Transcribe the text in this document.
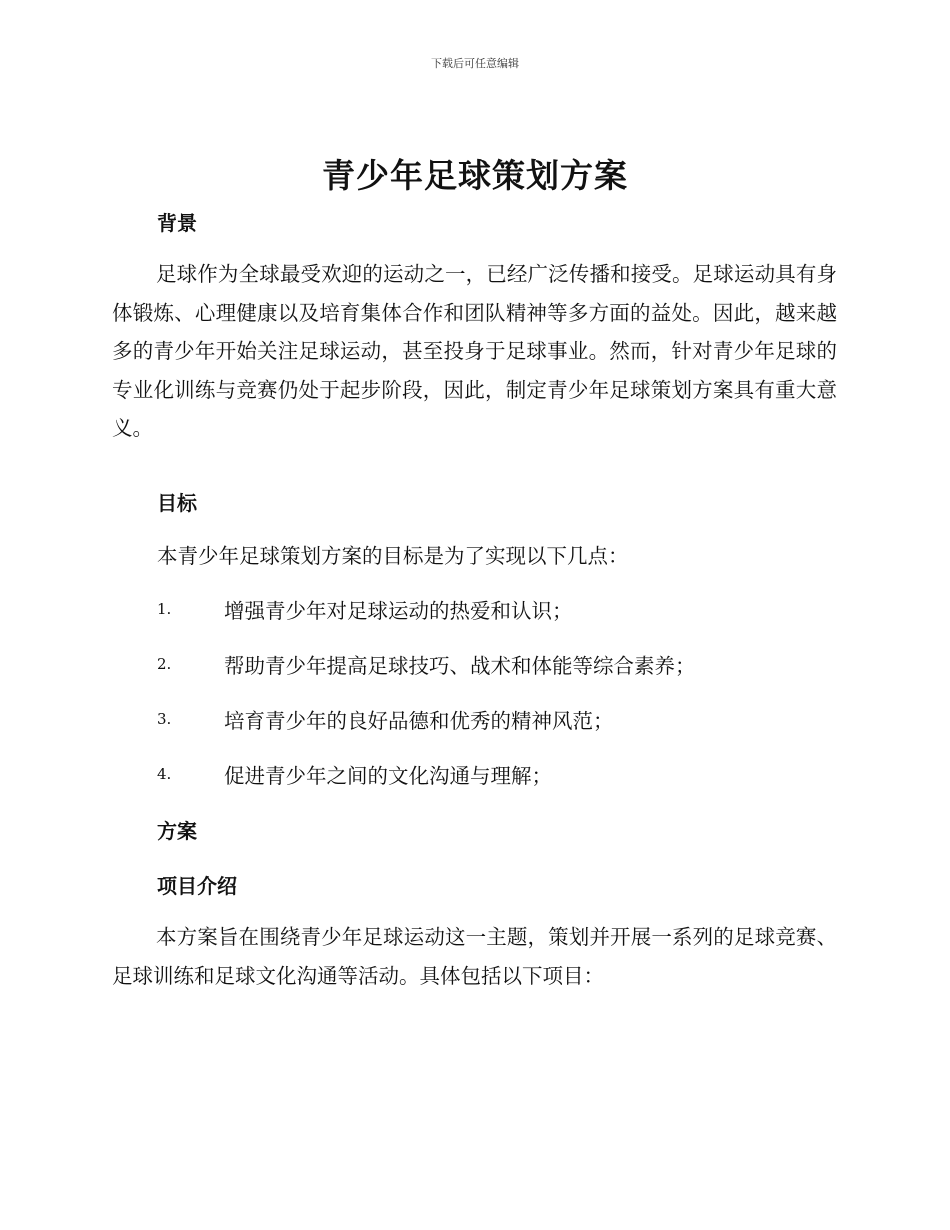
下载后可任意编辑
青少年足球策划方案
背景
足球作为全球最受欢迎的运动之一，已经广泛传播和接受。足球运动具有身体锻炼、心理健康以及培育集体合作和团队精神等多方面的益处。因此，越来越多的青少年开始关注足球运动，甚至投身于足球事业。然而，针对青少年足球的专业化训练与竞赛仍处于起步阶段，因此，制定青少年足球策划方案具有重大意义。
目标
本青少年足球策划方案的目标是为了实现以下几点：
1.	增强青少年对足球运动的热爱和认识；
2.	帮助青少年提高足球技巧、战术和体能等综合素养；
3.	培育青少年的良好品德和优秀的精神风范；
4.	促进青少年之间的文化沟通与理解；
方案
项目介绍
本方案旨在围绕青少年足球运动这一主题，策划并开展一系列的足球竞赛、足球训练和足球文化沟通等活动。具体包括以下项目：
